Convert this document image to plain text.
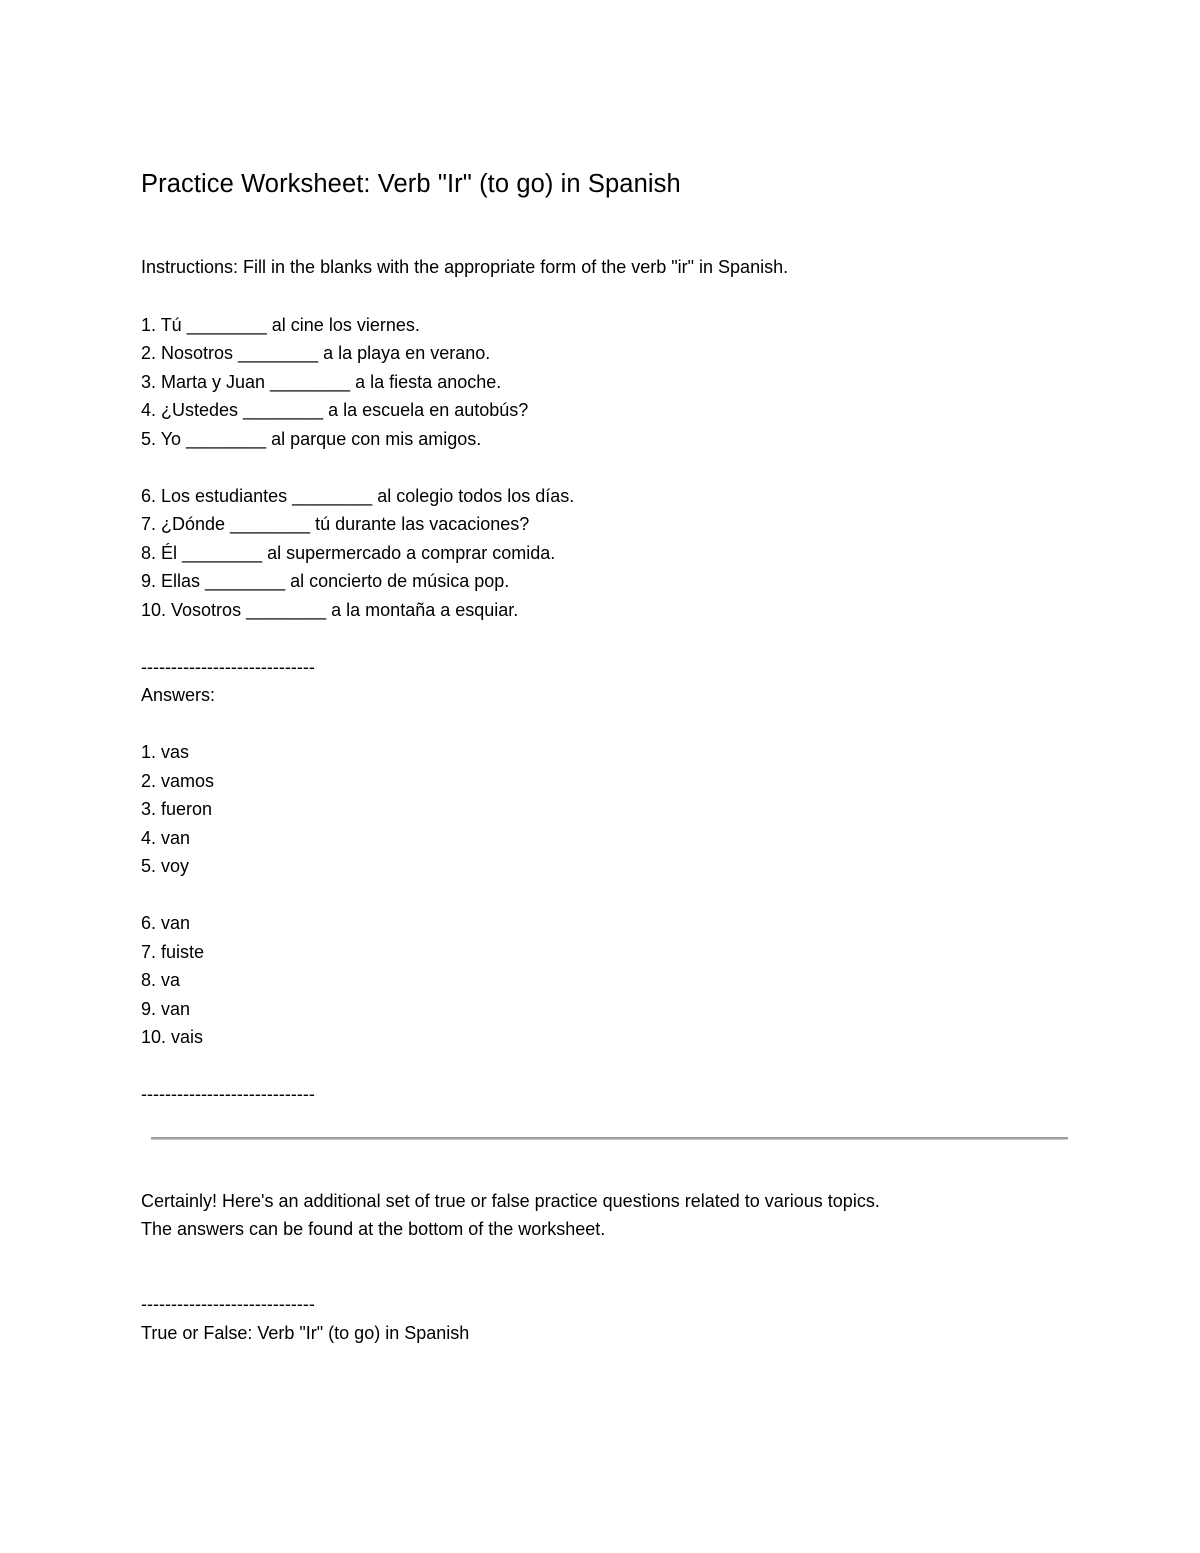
Practice Worksheet: Verb "Ir" (to go) in Spanish

Instructions: Fill in the blanks with the appropriate form of the verb "ir" in Spanish.

1. Tú ________ al cine los viernes.
2. Nosotros ________ a la playa en verano.
3. Marta y Juan ________ a la fiesta anoche.
4. ¿Ustedes ________ a la escuela en autobús?
5. Yo ________ al parque con mis amigos.
6. Los estudiantes ________ al colegio todos los días.
7. ¿Dónde ________ tú durante las vacaciones?
8. Él ________ al supermercado a comprar comida.
9. Ellas ________ al concierto de música pop.
10. Vosotros ________ a la montaña a esquiar.
-----------------------------
Answers:
1. vas
2. vamos
3. fueron
4. van
5. voy
6. van
7. fuiste
8. va
9. van
10. vais
-----------------------------

Certainly! Here's an additional set of true or false practice questions related to various topics.
The answers can be found at the bottom of the worksheet.

-----------------------------
True or False: Verb "Ir" (to go) in Spanish
